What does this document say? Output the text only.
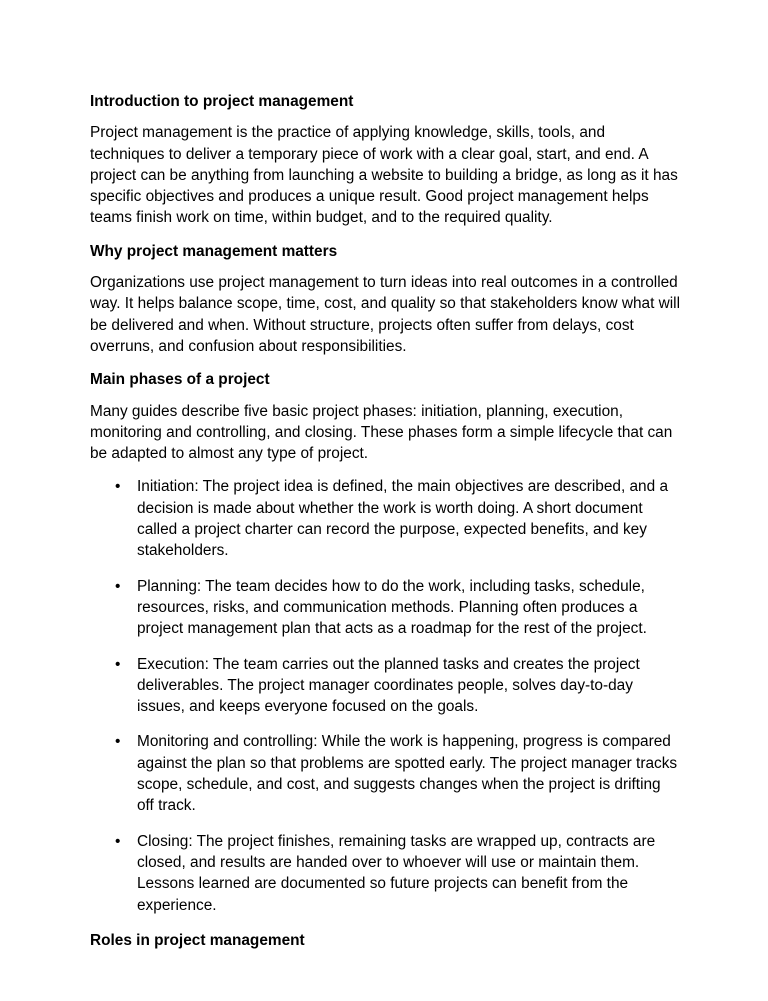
Introduction to project management

Project management is the practice of applying knowledge, skills, tools, and techniques to deliver a temporary piece of work with a clear goal, start, and end. A project can be anything from launching a website to building a bridge, as long as it has specific objectives and produces a unique result. Good project management helps teams finish work on time, within budget, and to the required quality.

Why project management matters

Organizations use project management to turn ideas into real outcomes in a controlled way. It helps balance scope, time, cost, and quality so that stakeholders know what will be delivered and when. Without structure, projects often suffer from delays, cost overruns, and confusion about responsibilities.

Main phases of a project

Many guides describe five basic project phases: initiation, planning, execution, monitoring and controlling, and closing. These phases form a simple lifecycle that can be adapted to almost any type of project.

• Initiation: The project idea is defined, the main objectives are described, and a decision is made about whether the work is worth doing. A short document called a project charter can record the purpose, expected benefits, and key stakeholders.
• Planning: The team decides how to do the work, including tasks, schedule, resources, risks, and communication methods. Planning often produces a project management plan that acts as a roadmap for the rest of the project.
• Execution: The team carries out the planned tasks and creates the project deliverables. The project manager coordinates people, solves day-to-day issues, and keeps everyone focused on the goals.
• Monitoring and controlling: While the work is happening, progress is compared against the plan so that problems are spotted early. The project manager tracks scope, schedule, and cost, and suggests changes when the project is drifting off track.
• Closing: The project finishes, remaining tasks are wrapped up, contracts are closed, and results are handed over to whoever will use or maintain them. Lessons learned are documented so future projects can benefit from the experience.
Roles in project management
